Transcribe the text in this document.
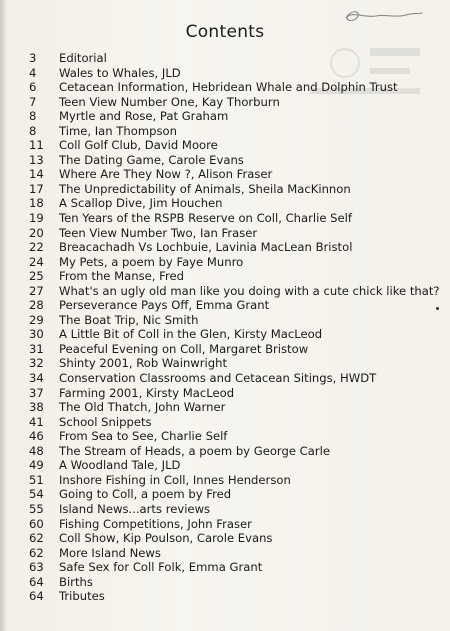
Contents
3	Editorial
4	Wales to Whales, JLD
6	Cetacean Information, Hebridean Whale and Dolphin Trust
7	Teen View Number One, Kay Thorburn
8	Myrtle and Rose, Pat Graham
8	Time, Ian Thompson
11	Coll Golf Club, David Moore
13	The Dating Game, Carole Evans
14	Where Are They Now ?, Alison Fraser
17	The Unpredictability of Animals, Sheila MacKinnon
18	A Scallop Dive, Jim Houchen
19	Ten Years of the RSPB Reserve on Coll, Charlie Self
20	Teen View Number Two, Ian Fraser
22	Breacachadh Vs Lochbuie, Lavinia MacLean Bristol
24	My Pets, a poem by Faye Munro
25	From the Manse, Fred
27	What's an ugly old man like you doing with a cute chick like that?
28	Perseverance Pays Off, Emma Grant
29	The Boat Trip, Nic Smith
30	A Little Bit of Coll in the Glen, Kirsty MacLeod
31	Peaceful Evening on Coll, Margaret Bristow
32	Shinty 2001, Rob Wainwright
34	Conservation Classrooms and Cetacean Sitings, HWDT
37	Farming 2001, Kirsty MacLeod
38	The Old Thatch, John Warner
41	School Snippets
46	From Sea to See, Charlie Self
48	The Stream of Heads, a poem by George Carle
49	A Woodland Tale, JLD
51	Inshore Fishing in Coll, Innes Henderson
54	Going to Coll, a poem by Fred
55	Island News...arts reviews
60	Fishing Competitions, John Fraser
62	Coll Show, Kip Poulson, Carole Evans
62	More Island News
63	Safe Sex for Coll Folk, Emma Grant
64	Births
64	Tributes
